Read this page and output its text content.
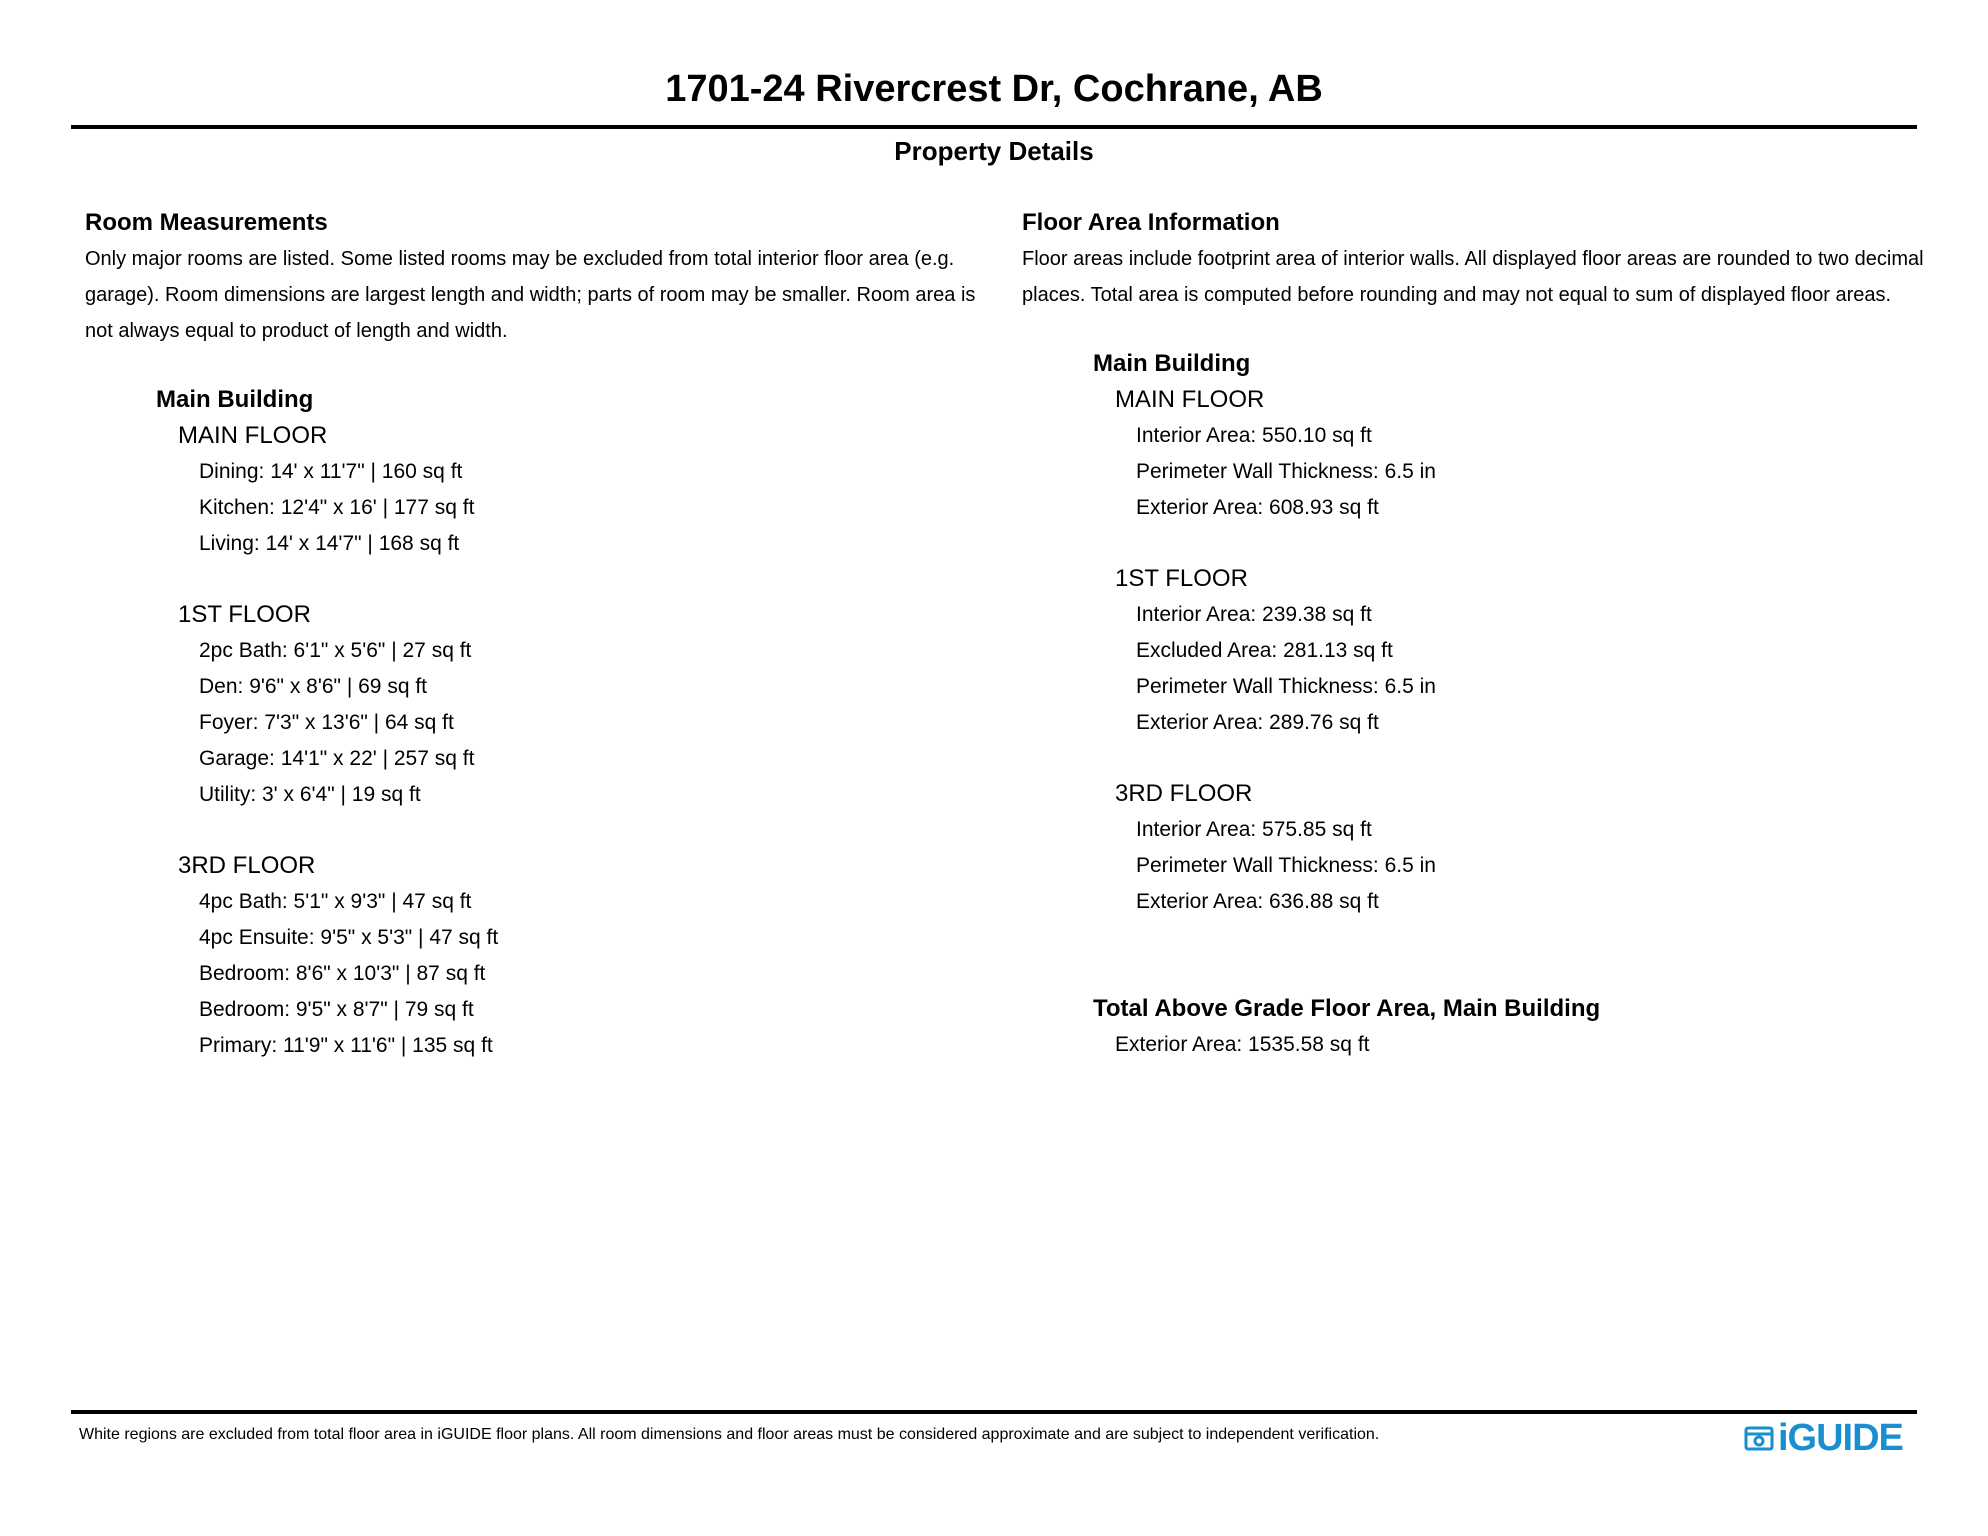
1701-24 Rivercrest Dr, Cochrane, AB
Property Details

Room Measurements

Only major rooms are listed. Some listed rooms may be excluded from total interior floor area (e.g. garage). Room dimensions are largest length and width; parts of room may be smaller. Room area is not always equal to product of length and width.

Main Building
MAIN FLOOR
Dining: 14' x 11'7" | 160 sq ft
Kitchen: 12'4" x 16' | 177 sq ft
Living: 14' x 14'7" | 168 sq ft
1ST FLOOR
2pc Bath: 6'1" x 5'6" | 27 sq ft
Den: 9'6" x 8'6" | 69 sq ft
Foyer: 7'3" x 13'6" | 64 sq ft
Garage: 14'1" x 22' | 257 sq ft
Utility: 3' x 6'4" | 19 sq ft
3RD FLOOR
4pc Bath: 5'1" x 9'3" | 47 sq ft
4pc Ensuite: 9'5" x 5'3" | 47 sq ft
Bedroom: 8'6" x 10'3" | 87 sq ft
Bedroom: 9'5" x 8'7" | 79 sq ft
Primary: 11'9" x 11'6" | 135 sq ft

Floor Area Information

Floor areas include footprint area of interior walls. All displayed floor areas are rounded to two decimal places. Total area is computed before rounding and may not equal to sum of displayed floor areas.

Main Building
MAIN FLOOR
Interior Area: 550.10 sq ft
Perimeter Wall Thickness: 6.5 in
Exterior Area: 608.93 sq ft
1ST FLOOR
Interior Area: 239.38 sq ft
Excluded Area: 281.13 sq ft
Perimeter Wall Thickness: 6.5 in
Exterior Area: 289.76 sq ft
3RD FLOOR
Interior Area: 575.85 sq ft
Perimeter Wall Thickness: 6.5 in
Exterior Area: 636.88 sq ft
Total Above Grade Floor Area, Main Building
Exterior Area: 1535.58 sq ft
White regions are excluded from total floor area in iGUIDE floor plans. All room dimensions and floor areas must be considered approximate and are subject to independent verification.	iGUIDE
